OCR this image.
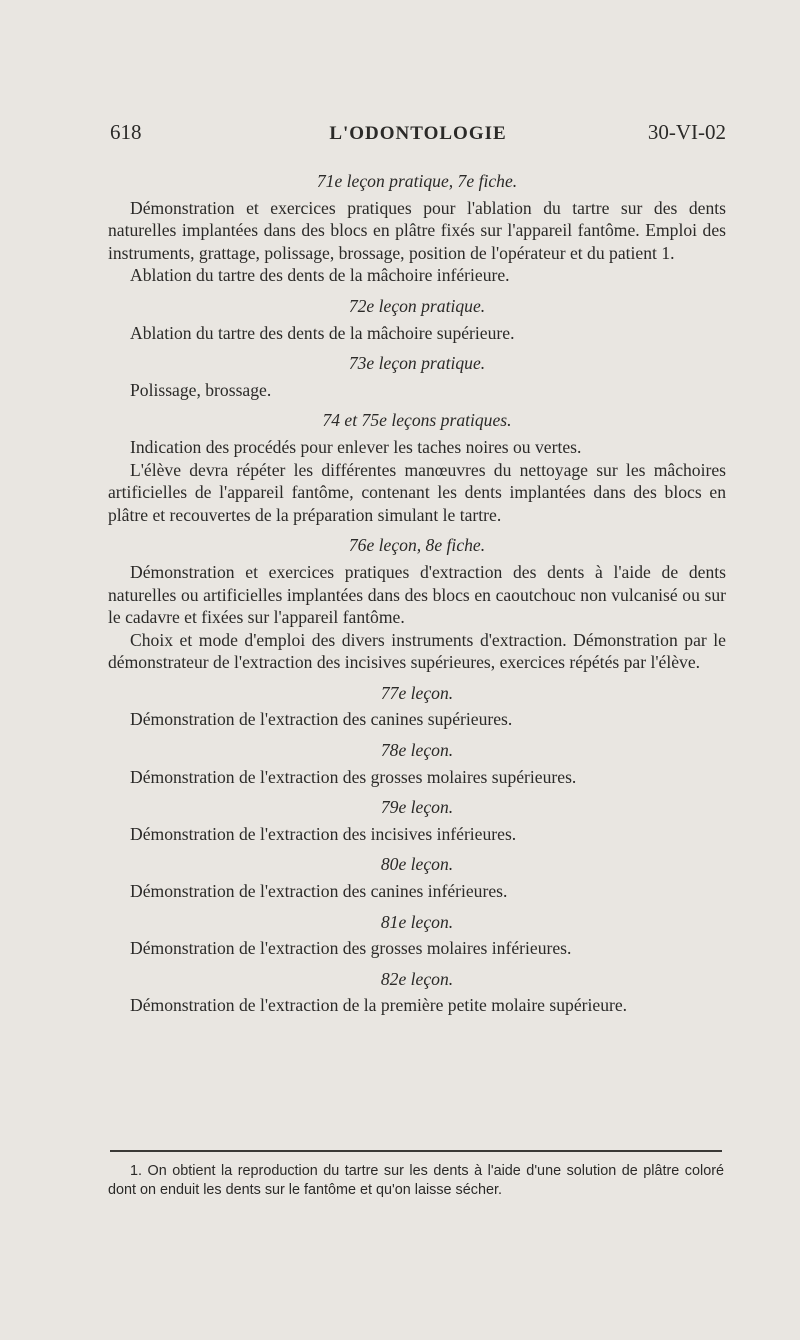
618	L'ODONTOLOGIE	30-VI-02
71e leçon pratique, 7e fiche.

Démonstration et exercices pratiques pour l'ablation du tartre sur des dents naturelles implantées dans des blocs en plâtre fixés sur l'appareil fantôme. Emploi des instruments, grattage, polissage, brossage, position de l'opérateur et du patient 1.

Ablation du tartre des dents de la mâchoire inférieure.

72e leçon pratique.

Ablation du tartre des dents de la mâchoire supérieure.

73e leçon pratique.

Polissage, brossage.

74 et 75e leçons pratiques.

Indication des procédés pour enlever les taches noires ou vertes.

L'élève devra répéter les différentes manœuvres du nettoyage sur les mâchoires artificielles de l'appareil fantôme, contenant les dents implantées dans des blocs en plâtre et recouvertes de la préparation simulant le tartre.

76e leçon, 8e fiche.

Démonstration et exercices pratiques d'extraction des dents à l'aide de dents naturelles ou artificielles implantées dans des blocs en caoutchouc non vulcanisé ou sur le cadavre et fixées sur l'appareil fantôme.

Choix et mode d'emploi des divers instruments d'extraction. Démonstration par le démonstrateur de l'extraction des incisives supérieures, exercices répétés par l'élève.

77e leçon.

Démonstration de l'extraction des canines supérieures.

78e leçon.

Démonstration de l'extraction des grosses molaires supérieures.

79e leçon.

Démonstration de l'extraction des incisives inférieures.

80e leçon.

Démonstration de l'extraction des canines inférieures.

81e leçon.

Démonstration de l'extraction des grosses molaires inférieures.

82e leçon.

Démonstration de l'extraction de la première petite molaire supérieure.

1. On obtient la reproduction du tartre sur les dents à l'aide d'une solution de plâtre coloré dont on enduit les dents sur le fantôme et qu'on laisse sécher.
